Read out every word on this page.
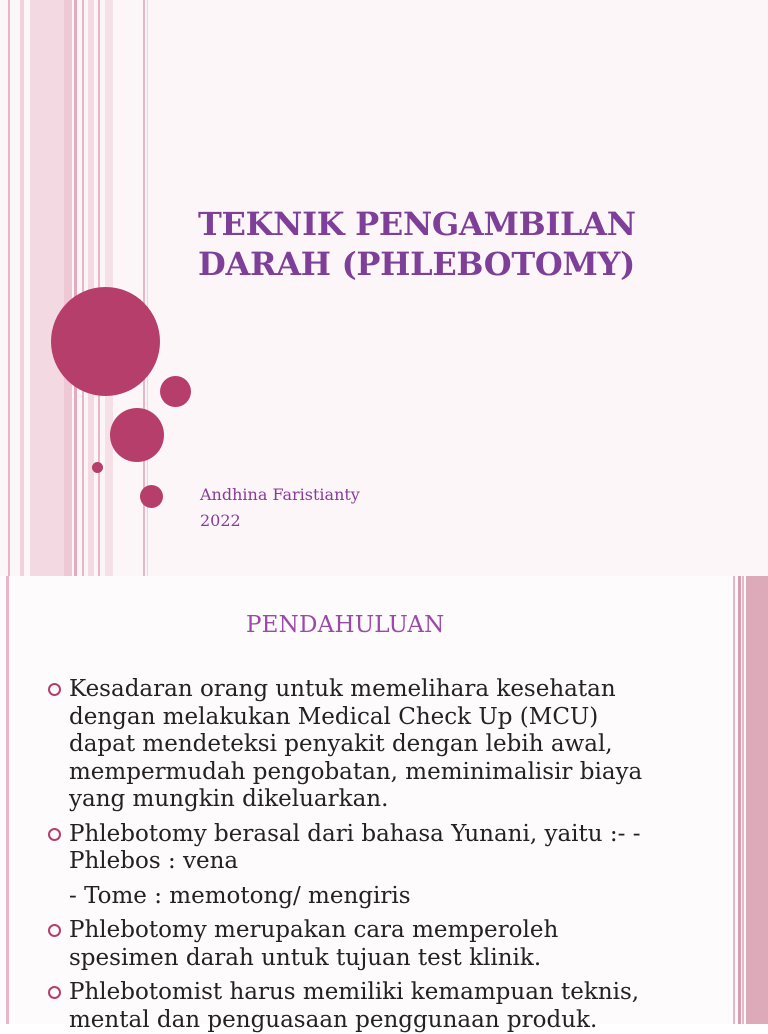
TEKNIK PENGAMBILAN
DARAH (PHLEBOTOMY)
Andhina Faristianty
2022
PENDAHULUAN
Kesadaran orang untuk memelihara kesehatan
dengan melakukan Medical Check Up (MCU)
dapat mendeteksi penyakit dengan lebih awal,
mempermudah pengobatan, meminimalisir biaya
yang mungkin dikeluarkan.
Phlebotomy berasal dari bahasa Yunani, yaitu :- -
Phlebos : vena
- Tome : memotong/ mengiris
Phlebotomy merupakan cara memperoleh
spesimen darah untuk tujuan test klinik.
Phlebotomist harus memiliki kemampuan teknis,
mental dan penguasaan penggunaan produk.
